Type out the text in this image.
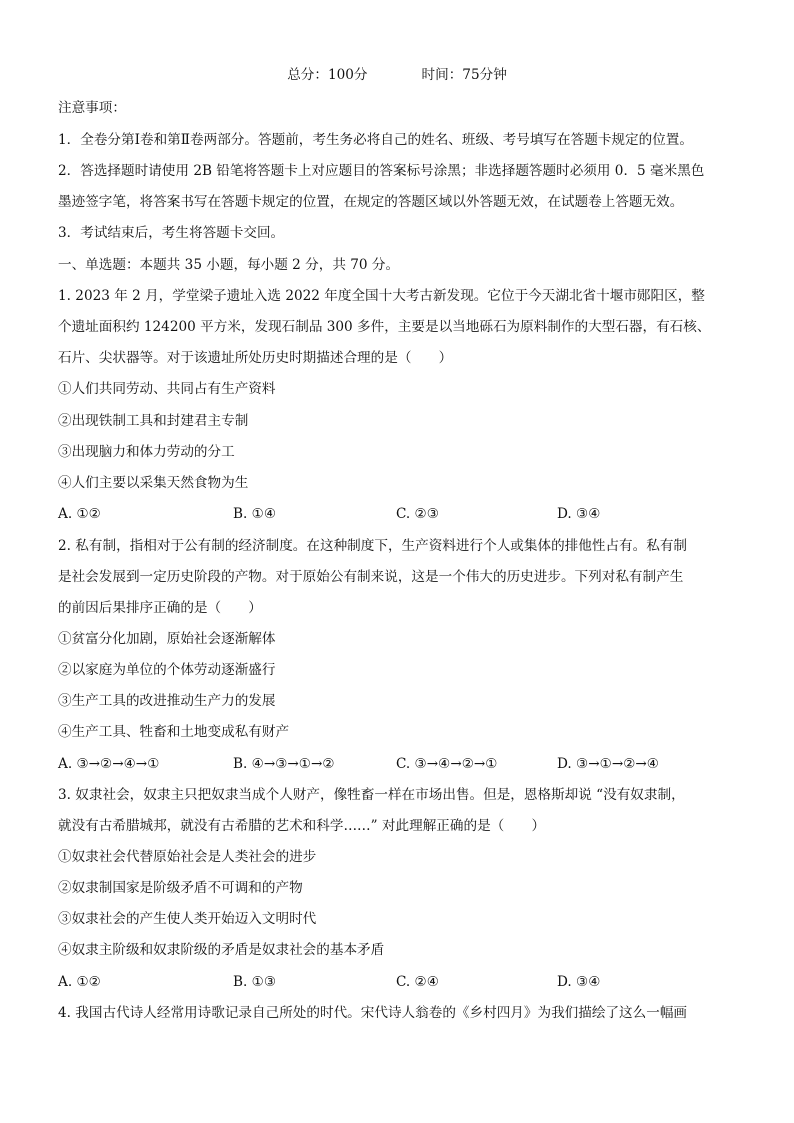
总分：100分	时间：75分钟
注意事项：
1．全卷分第Ⅰ卷和第Ⅱ卷两部分。答题前，考生务必将自己的姓名、班级、考号填写在答题卡规定的位置。
2．答选择题时请使用 2B 铅笔将答题卡上对应题目的答案标号涂黑；非选择题答题时必须用 0．5 毫米黑色
墨迹签字笔，将答案书写在答题卡规定的位置，在规定的答题区域以外答题无效，在试题卷上答题无效。
3．考试结束后，考生将答题卡交回。
一、单选题：本题共 35 小题，每小题 2 分，共 70 分。
1. 2023 年 2 月，学堂梁子遗址入选 2022 年度全国十大考古新发现。它位于今天湖北省十堰市郧阳区，整
个遗址面积约 124200 平方米，发现石制品 300 多件，主要是以当地砾石为原料制作的大型石器，有石核、
石片、尖状器等。对于该遗址所处历史时期描述合理的是（　　）
①人们共同劳动、共同占有生产资料
②出现铁制工具和封建君主专制
③出现脑力和体力劳动的分工
④人们主要以采集天然食物为生
A. ①②	B. ①④	C. ②③	D. ③④
2. 私有制，指相对于公有制的经济制度。在这种制度下，生产资料进行个人或集体的排他性占有。私有制
是社会发展到一定历史阶段的产物。对于原始公有制来说，这是一个伟大的历史进步。下列对私有制产生
的前因后果排序正确的是（　　）
①贫富分化加剧，原始社会逐渐解体
②以家庭为单位的个体劳动逐渐盛行
③生产工具的改进推动生产力的发展
④生产工具、牲畜和土地变成私有财产
A. ③→②→④→①	B. ④→③→①→②	C. ③→④→②→①	D. ③→①→②→④
3. 奴隶社会，奴隶主只把奴隶当成个人财产，像牲畜一样在市场出售。但是，恩格斯却说 “没有奴隶制，
就没有古希腊城邦，就没有古希腊的艺术和科学……” 对此理解正确的是（　　）
①奴隶社会代替原始社会是人类社会的进步
②奴隶制国家是阶级矛盾不可调和的产物
③奴隶社会的产生使人类开始迈入文明时代
④奴隶主阶级和奴隶阶级的矛盾是奴隶社会的基本矛盾
A. ①②	B. ①③	C. ②④	D. ③④
4. 我国古代诗人经常用诗歌记录自己所处的时代。宋代诗人翁卷的《乡村四月》为我们描绘了这么一幅画
